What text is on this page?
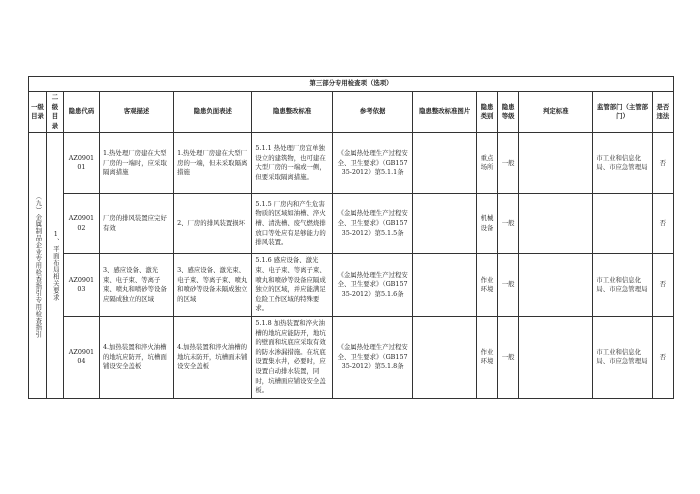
第三部分专用检查项（选项）												
一级目录	二级目录	隐患代码	客观描述	隐患负面表述	隐患整改标准	参考依据	隐患整改标准图片	隐患类别	隐患等级	判定标准	监管部门（主管部门）	是否违法
（九）金属制品企业专用检查指引专用检查指引	1、平面布局相关要求	AZ090101	1.热处理厂房建在大型厂房的一端时，应采取隔离措施	1.热处理厂房建在大型厂房的一端，但未采取隔离措施	5.1.1 热处理厂房宜单独设立的建筑物，也可建在大型厂房的一端或一侧，但要采取隔离措施。	《金属热处理生产过程安全、卫生要求》（GB15735-2012）第5.1.1条		重点场所	一般		市工业和信息化局、市应急管理局	否
		AZ090102	厂房的排风装置应完好有效	2、厂房的排风装置损坏	5.1.5 厂房内和产生危害物质的区域如油槽、淬火槽、清洗槽、废气燃烧排放口等处应有足够能力的排风装置。	《金属热处理生产过程安全、卫生要求》（GB15735-2012）第5.1.5条		机械设备	一般			否
		AZ090103	3、感应设备、激光束、电子束、等离子束、喷丸和喷砂等设备应隔成独立的区域	3、感应设备、激光束、电子束、等离子束、喷丸和喷砂等设备未隔成独立的区域	5.1.6 感应设备、激光束、电子束、等离子束、喷丸和喷砂等设备应隔成独立的区域，并应能满足危险工作区域的特殊要求。	《金属热处理生产过程安全、卫生要求》（GB15735-2012）第5.1.6条		作业环境	一般		市工业和信息化局、市应急管理局	否
		AZ090104	4.加热装置和淬火油槽的地坑应防开，坑槽面铺设安全盖板	4.加热装置和淬火油槽的地坑未防开，坑槽面未铺设安全盖板	5.1.8 加热装置和淬火油槽的地坑应能防开，地坑的壁面和坑底应采取有效的防水渗漏措施。在坑底设置集水井，必要时，应设置自动排水装置，同时，坑槽面应铺设安全盖板。	《金属热处理生产过程安全、卫生要求》（GB15735-2012）第5.1.8条		作业环境	一般		市工业和信息化局、市应急管理局	否
